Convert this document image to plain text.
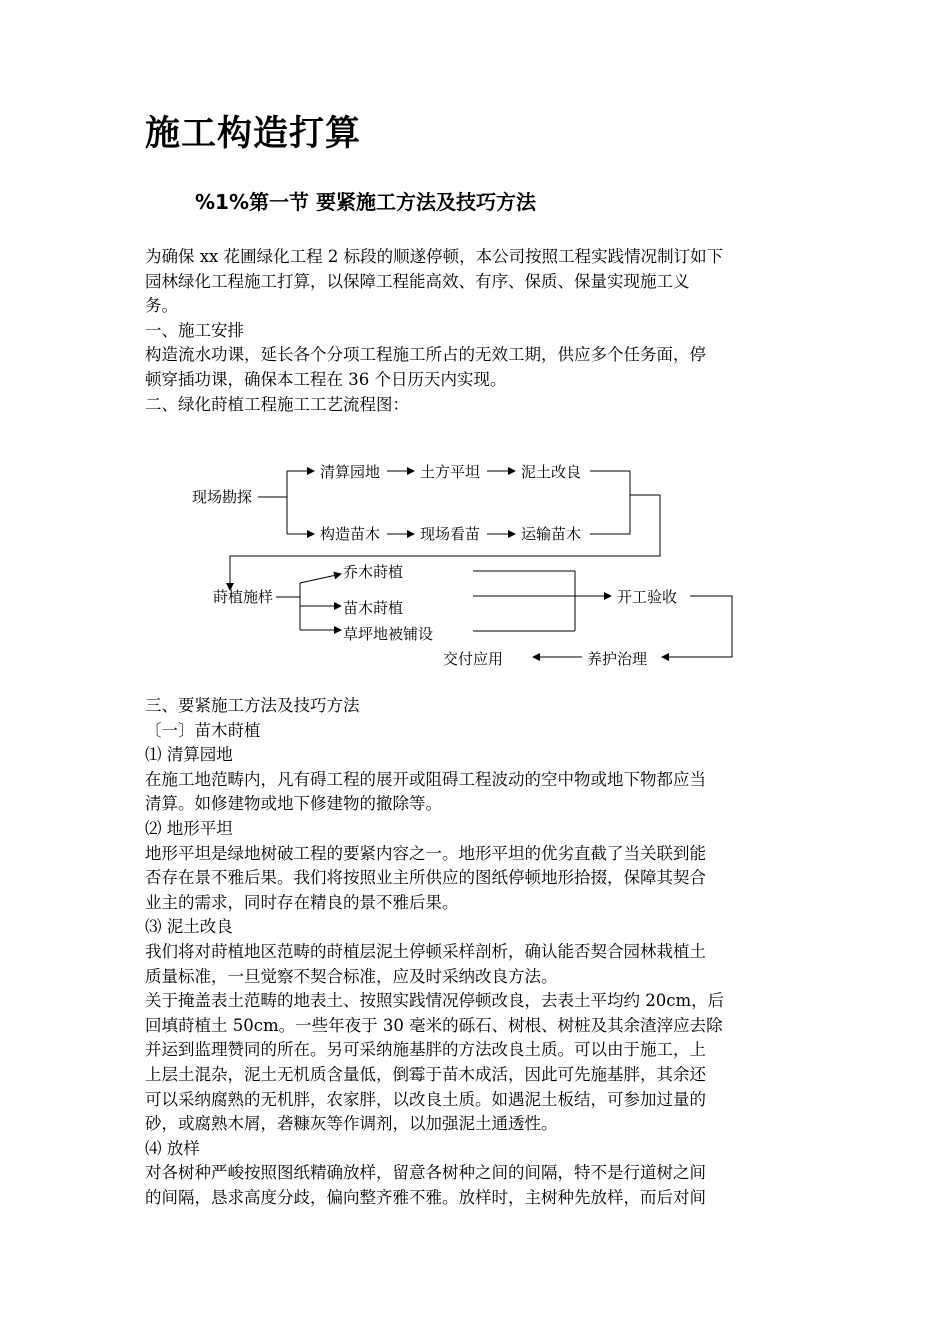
施工构造打算
%1%第一节 要紧施工方法及技巧方法

为确保 xx 花圃绿化工程 2 标段的顺遂停顿，本公司按照工程实践情况制订如下

园林绿化工程施工打算，以保障工程能高效、有序、保质、保量实现施工义

务。

一、施工安排

构造流水功课，延长各个分项工程施工所占的无效工期，供应多个任务面，停

顿穿插功课，确保本工程在 36 个日历天内实现。

二、绿化莳植工程施工工艺流程图：

现场勘探
清算园地	土方平坦	泥土改良
构造苗木	现场看苗	运输苗木
莳植施样
乔木莳植
苗木莳植
草坪地被铺设
开工验收
养护治理
交付应用

三、要紧施工方法及技巧方法

〔一〕苗木莳植

⑴ 清算园地

在施工地范畴内，凡有碍工程的展开或阻碍工程波动的空中物或地下物都应当

清算。如修建物或地下修建物的撤除等。

⑵ 地形平坦

地形平坦是绿地树破工程的要紧内容之一。地形平坦的优劣直截了当关联到能

否存在景不雅后果。我们将按照业主所供应的图纸停顿地形拾掇，保障其契合

业主的需求，同时存在精良的景不雅后果。

⑶ 泥土改良

我们将对莳植地区范畴的莳植层泥土停顿采样剖析，确认能否契合园林栽植土

质量标准，一旦觉察不契合标准，应及时采纳改良方法。

关于掩盖表土范畴的地表土、按照实践情况停顿改良，去表土平均约 20cm，后

回填莳植土 50cm。一些年夜于 30 毫米的砾石、树根、树桩及其余渣滓应去除

并运到监理赞同的所在。另可采纳施基胖的方法改良土质。可以由于施工，上

上层土混杂，泥土无机质含量低，倒霉于苗木成活，因此可先施基胖，其余还

可以采纳腐熟的无机胖，农家胖，以改良土质。如遇泥土板结，可参加过量的

砂，或腐熟木屑，砻糠灰等作调剂，以加强泥土通透性。

⑷ 放样

对各树种严峻按照图纸精确放样，留意各树种之间的间隔，特不是行道树之间

的间隔，恳求高度分歧，偏向整齐雅不雅。放样时，主树种先放样，而后对间
